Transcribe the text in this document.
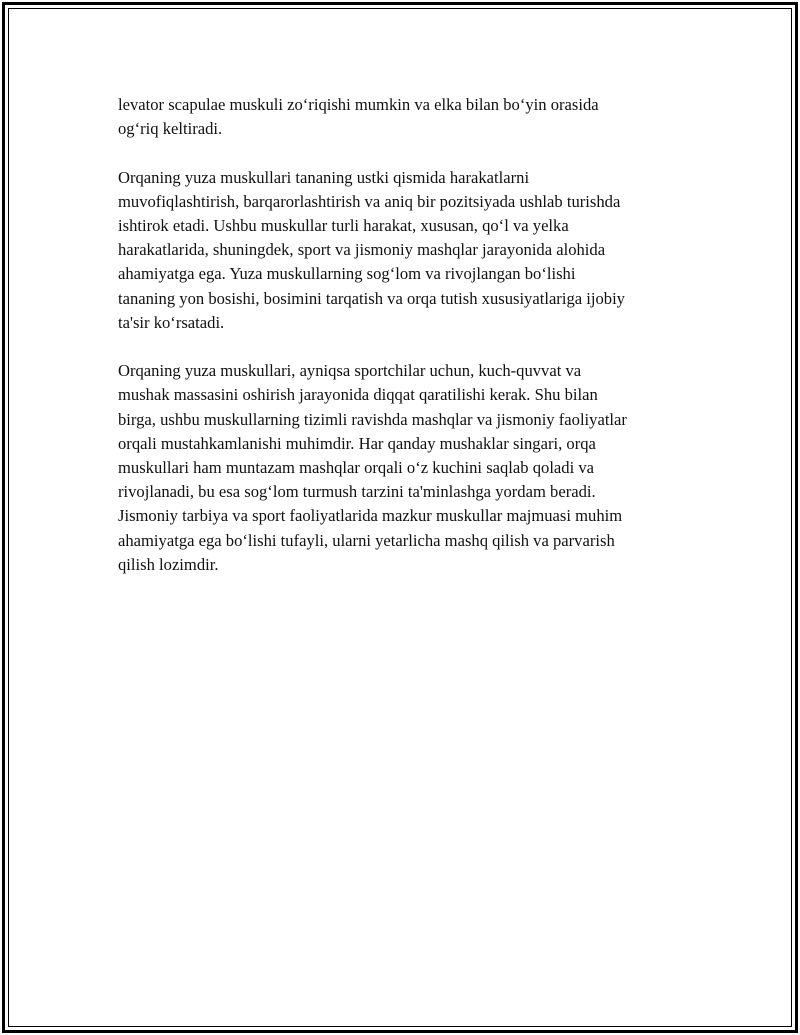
levator scapulae muskuli zo‘riqishi mumkin va elka bilan bo‘yin orasida
og‘riq keltiradi.

Orqaning yuza muskullari tananing ustki qismida harakatlarni
muvofiqlashtirish, barqarorlashtirish va aniq bir pozitsiyada ushlab turishda
ishtirok etadi. Ushbu muskullar turli harakat, xususan, qo‘l va yelka
harakatlarida, shuningdek, sport va jismoniy mashqlar jarayonida alohida
ahamiyatga ega. Yuza muskullarning sog‘lom va rivojlangan bo‘lishi
tananing yon bosishi, bosimini tarqatish va orqa tutish xususiyatlariga ijobiy
ta'sir ko‘rsatadi.

Orqaning yuza muskullari, ayniqsa sportchilar uchun, kuch-quvvat va
mushak massasini oshirish jarayonida diqqat qaratilishi kerak. Shu bilan
birga, ushbu muskullarning tizimli ravishda mashqlar va jismoniy faoliyatlar
orqali mustahkamlanishi muhimdir. Har qanday mushaklar singari, orqa
muskullari ham muntazam mashqlar orqali o‘z kuchini saqlab qoladi va
rivojlanadi, bu esa sog‘lom turmush tarzini ta'minlashga yordam beradi.
Jismoniy tarbiya va sport faoliyatlarida mazkur muskullar majmuasi muhim
ahamiyatga ega bo‘lishi tufayli, ularni yetarlicha mashq qilish va parvarish
qilish lozimdir.
